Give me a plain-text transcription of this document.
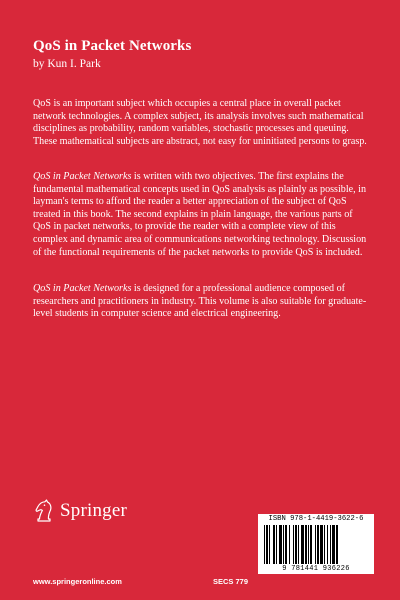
QoS in Packet Networks
by Kun I. Park

QoS is an important subject which occupies a central place in overall packet network technologies. A complex subject, its analysis involves such mathematical disciplines as probability, random variables, stochastic processes and queuing. These mathematical subjects are abstract, not easy for uninitiated persons to grasp.

QoS in Packet Networks is written with two objectives. The first explains the fundamental mathematical concepts used in QoS analysis as plainly as possible, in layman's terms to afford the reader a better appreciation of the subject of QoS treated in this book. The second explains in plain language, the various parts of QoS in packet networks, to provide the reader with a complete view of this complex and dynamic area of communications networking technology. Discussion of the functional requirements of the packet networks to provide QoS is included.

QoS in Packet Networks is designed for a professional audience composed of researchers and practitioners in industry. This volume is also suitable for graduate-level students in computer science and electrical engineering.

Springer	ISBN 978-1-4419-3622-6
9 781441 936226
www.springeronline.com	SECS 779
